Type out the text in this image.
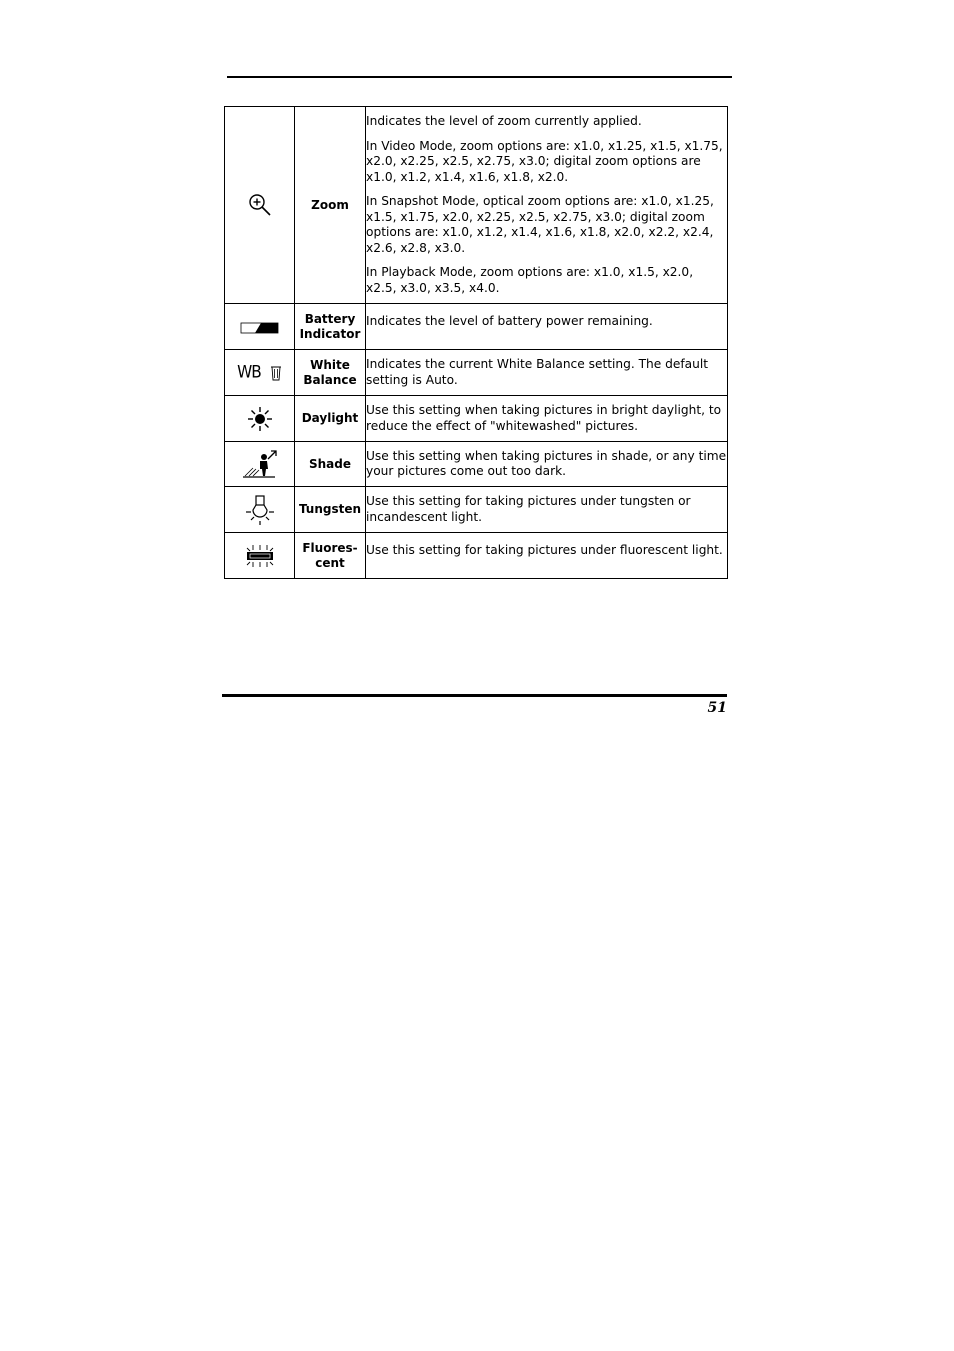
	Zoom	Indicates the level of zoom currently applied.

In Video Mode, zoom options are: x1.0, x1.25, x1.5, x1.75, x2.0, x2.25, x2.5, x2.75, x3.0; digital zoom options are x1.0, x1.2, x1.4, x1.6, x1.8, x2.0.

In Snapshot Mode, optical zoom options are: x1.0, x1.25, x1.5, x1.75, x2.0, x2.25, x2.5, x2.75, x3.0; digital zoom options are: x1.0, x1.2, x1.4, x1.6, x1.8, x2.0, x2.2, x2.4, x2.6, x2.8, x3.0.

In Playback Mode, zoom options are: x1.0, x1.5, x2.0, x2.5, x3.0, x3.5, x4.0.

	Battery
Indicator	Indicates the level of battery power remaining.

WB	White
Balance	Indicates the current White Balance setting. The default setting is Auto.

	Daylight	Use this setting when taking pictures in bright daylight, to reduce the effect of "whitewashed" pictures.

	Shade	Use this setting when taking pictures in shade, or any time your pictures come out too dark.

	Tungsten	Use this setting for taking pictures under tungsten or incandescent light.

	Fluores-
cent	Use this setting for taking pictures under fluorescent light.

51
